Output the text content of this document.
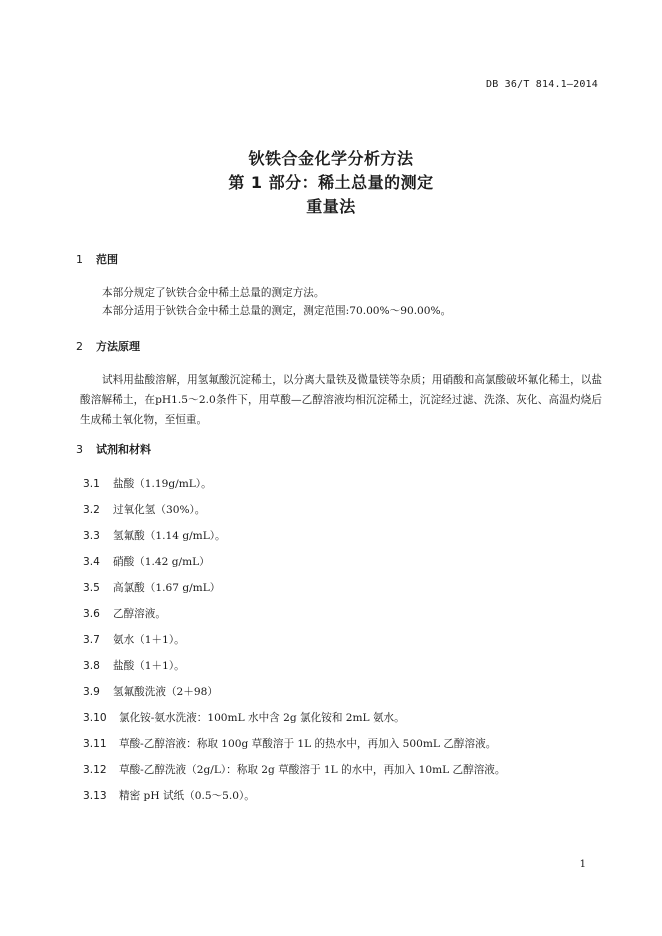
DB 36/T 814.1—2014
钬铁合金化学分析方法
第 1 部分：稀土总量的测定
重量法
1 范围
本部分规定了钬铁合金中稀土总量的测定方法。
本部分适用于钬铁合金中稀土总量的测定，测定范围:70.00%～90.00%。
2 方法原理
试料用盐酸溶解，用氢氟酸沉淀稀土，以分离大量铁及微量镁等杂质；用硝酸和高氯酸破坏氟化稀土，以盐酸溶解稀土，在pH1.5～2.0条件下，用草酸—乙醇溶液均相沉淀稀土，沉淀经过滤、洗涤、灰化、高温灼烧后生成稀土氧化物，至恒重。
3 试剂和材料
3.1 盐酸（1.19g/mL）。
3.2 过氧化氢（30%）。
3.3 氢氟酸（1.14 g/mL）。
3.4 硝酸（1.42 g/mL）
3.5 高氯酸（1.67 g/mL）
3.6 乙醇溶液。
3.7 氨水（1＋1）。
3.8 盐酸（1＋1）。
3.9 氢氟酸洗液（2＋98）
3.10 氯化铵-氨水洗液：100mL 水中含 2g 氯化铵和 2mL 氨水。
3.11 草酸-乙醇溶液：称取 100g 草酸溶于 1L 的热水中，再加入 500mL 乙醇溶液。
3.12 草酸-乙醇洗液（2g/L）：称取 2g 草酸溶于 1L 的水中，再加入 10mL 乙醇溶液。
3.13 精密 pH 试纸（0.5～5.0）。
1
